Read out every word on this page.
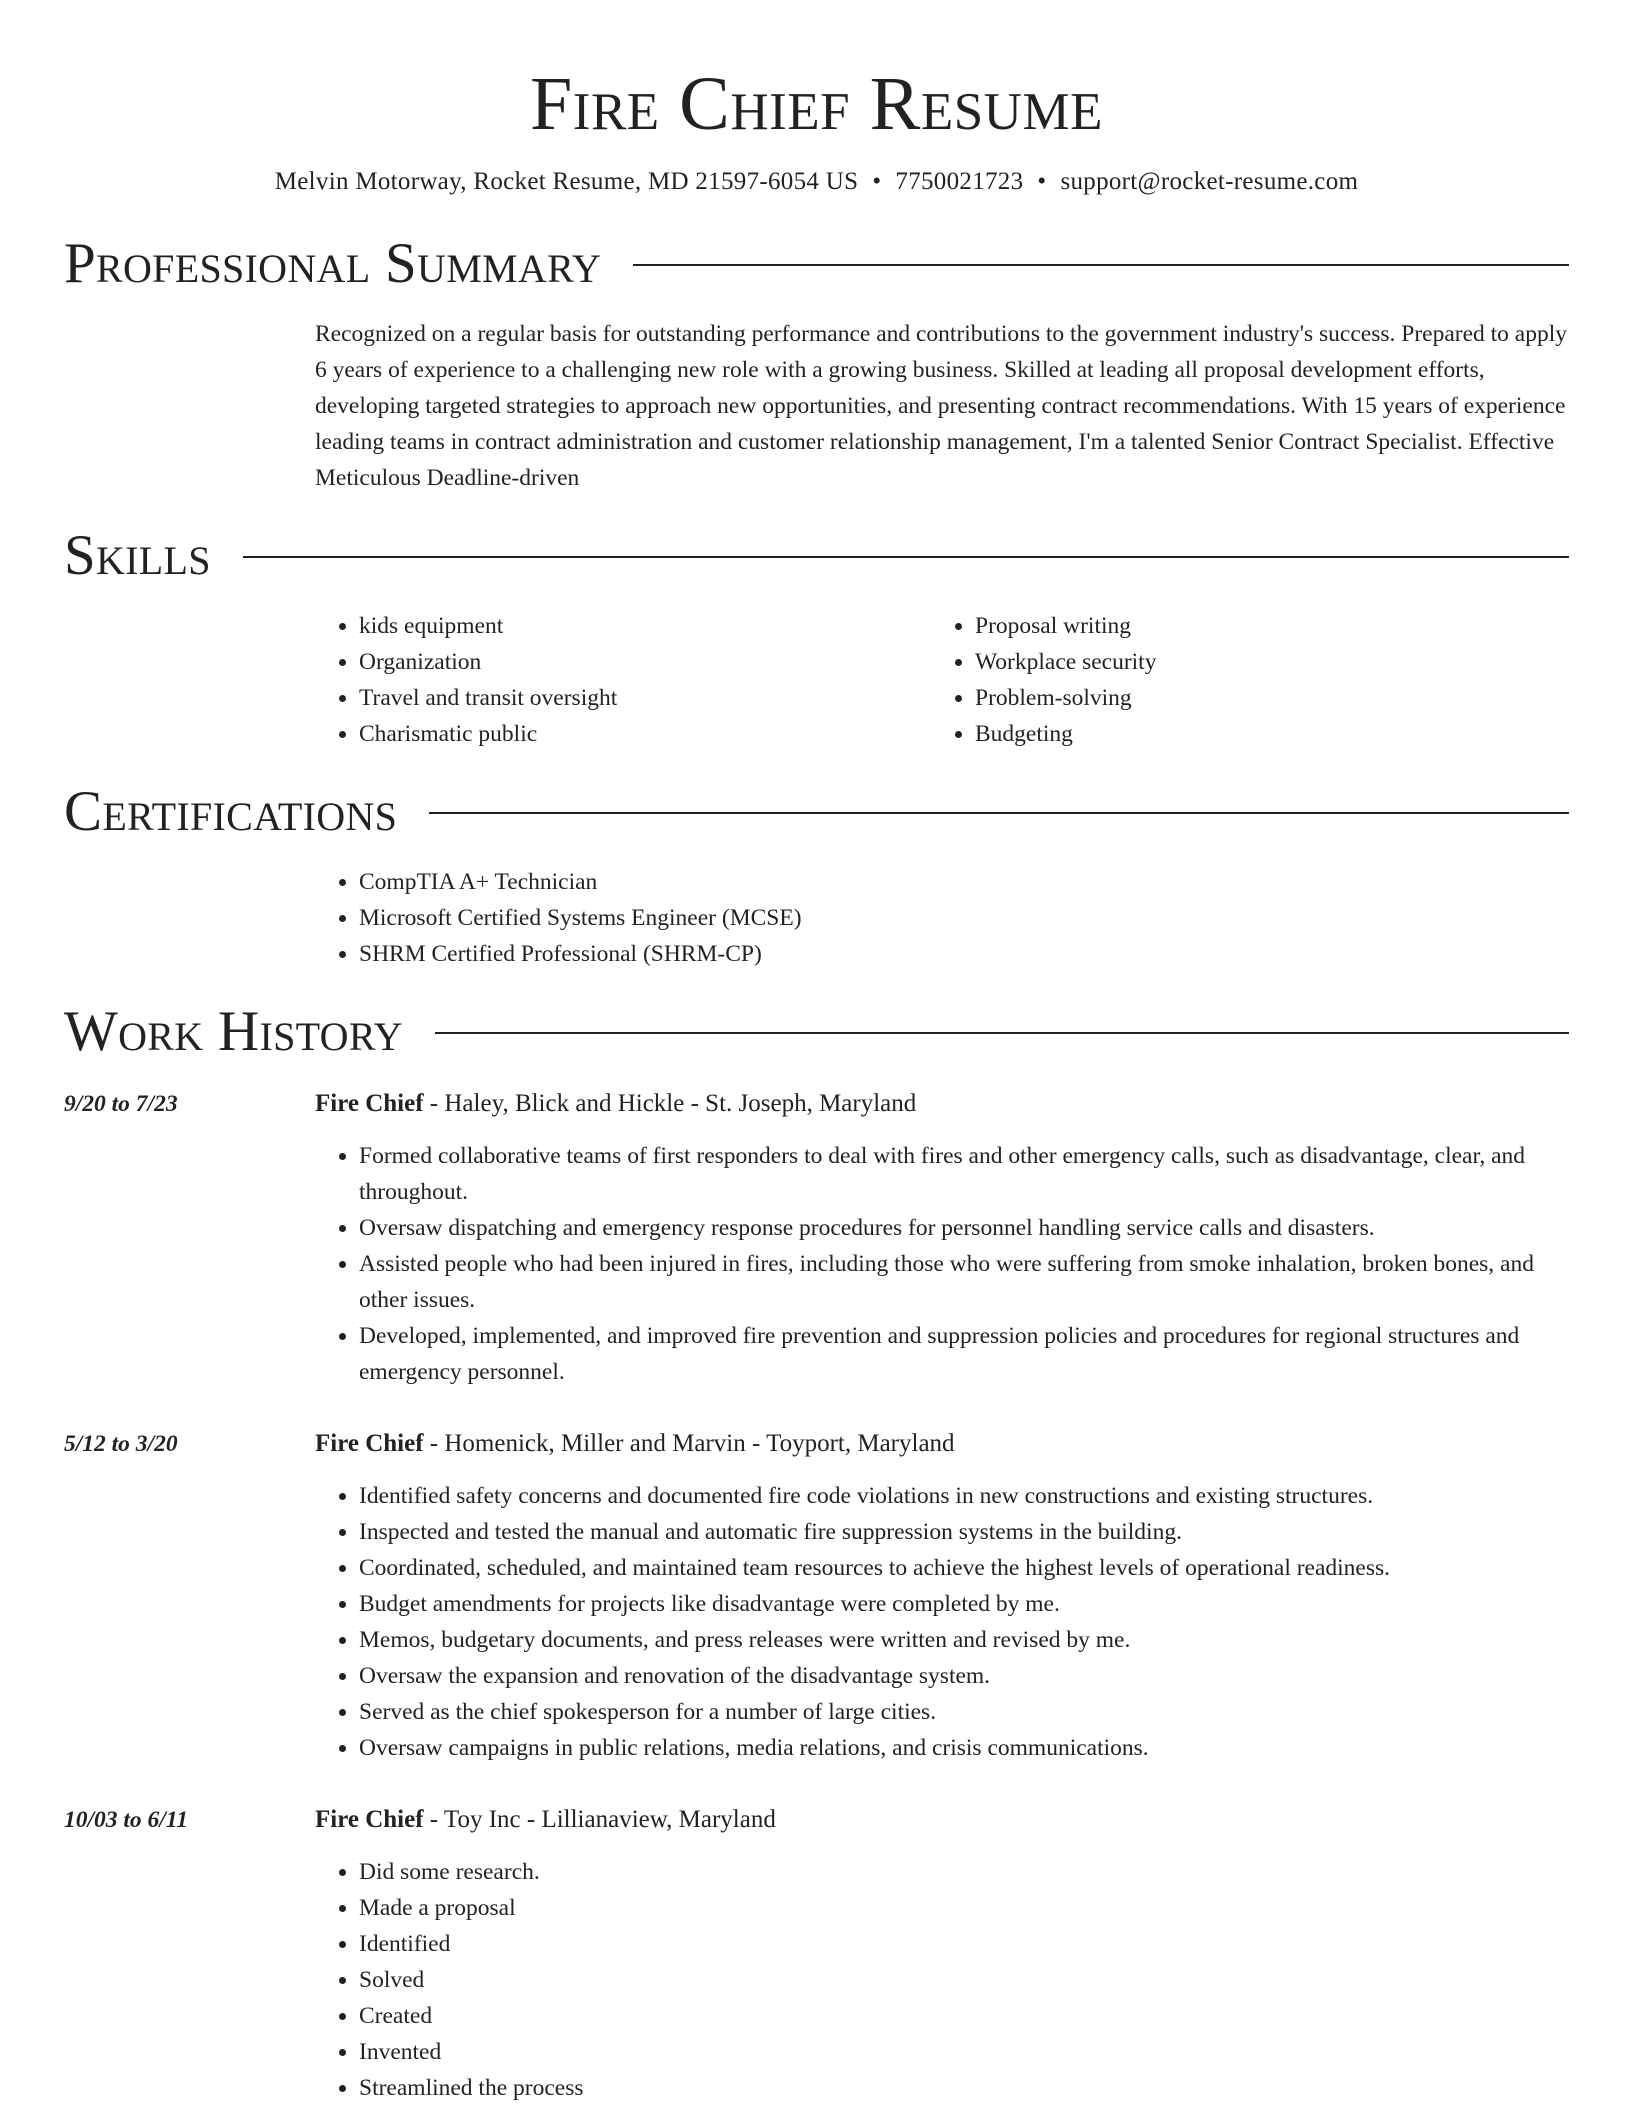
Fire Chief Resume
Melvin Motorway, Rocket Resume, MD 21597-6054 US • 7750021723 • support@rocket-resume.com
Professional Summary
Recognized on a regular basis for outstanding performance and contributions to the government industry's success. Prepared to apply 6 years of experience to a challenging new role with a growing business. Skilled at leading all proposal development efforts, developing targeted strategies to approach new opportunities, and presenting contract recommendations. With 15 years of experience leading teams in contract administration and customer relationship management, I'm a talented Senior Contract Specialist. Effective Meticulous Deadline-driven
Skills
• kids equipment
• Organization
• Travel and transit oversight
• Charismatic public
• Proposal writing
• Workplace security
• Problem-solving
• Budgeting
Certifications
• CompTIA A+ Technician
• Microsoft Certified Systems Engineer (MCSE)
• SHRM Certified Professional (SHRM-CP)
Work History
9/20 to 7/23	Fire Chief - Haley, Blick and Hickle - St. Joseph, Maryland
• Formed collaborative teams of first responders to deal with fires and other emergency calls, such as disadvantage, clear, and throughout.
• Oversaw dispatching and emergency response procedures for personnel handling service calls and disasters.
• Assisted people who had been injured in fires, including those who were suffering from smoke inhalation, broken bones, and other issues.
• Developed, implemented, and improved fire prevention and suppression policies and procedures for regional structures and emergency personnel.
5/12 to 3/20	Fire Chief - Homenick, Miller and Marvin - Toyport, Maryland
• Identified safety concerns and documented fire code violations in new constructions and existing structures.
• Inspected and tested the manual and automatic fire suppression systems in the building.
• Coordinated, scheduled, and maintained team resources to achieve the highest levels of operational readiness.
• Budget amendments for projects like disadvantage were completed by me.
• Memos, budgetary documents, and press releases were written and revised by me.
• Oversaw the expansion and renovation of the disadvantage system.
• Served as the chief spokesperson for a number of large cities.
• Oversaw campaigns in public relations, media relations, and crisis communications.
10/03 to 6/11	Fire Chief - Toy Inc - Lillianaview, Maryland
• Did some research.
• Made a proposal
• Identified
• Solved
• Created
• Invented
• Streamlined the process
